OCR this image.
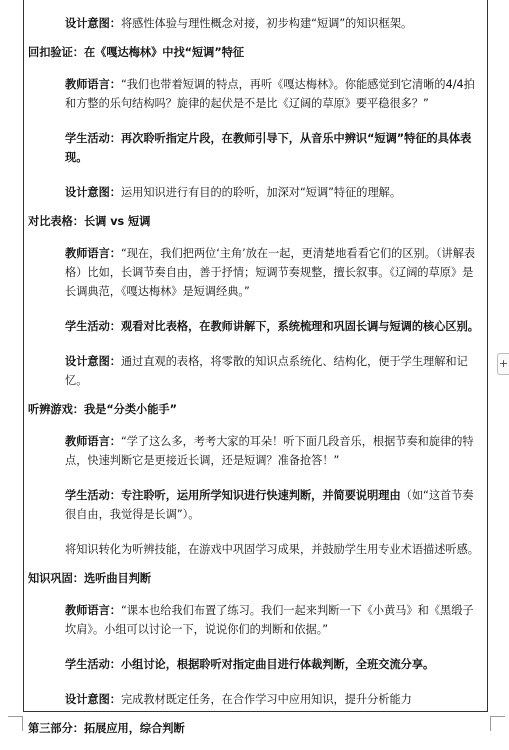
+

设计意图：将感性体验与理性概念对接，初步构建“短调”的知识框架。

回扣验证：在《嘎达梅林》中找“短调”特征

教师语言：“我们也带着短调的特点，再听《嘎达梅林》。你能感觉到它清晰的4/4拍和方整的乐句结构吗？旋律的起伏是不是比《辽阔的草原》要平稳很多？”

学生活动：再次聆听指定片段，在教师引导下，从音乐中辨识“短调”特征的具体表现。

设计意图：运用知识进行有目的的聆听，加深对“短调”特征的理解。

对比表格：长调 vs 短调

教师语言：“现在，我们把两位‘主角’放在一起，更清楚地看看它们的区别。（讲解表格）比如，长调节奏自由，善于抒情；短调节奏规整，擅长叙事。《辽阔的草原》是长调典范，《嘎达梅林》是短调经典。”

学生活动：观看对比表格，在教师讲解下，系统梳理和巩固长调与短调的核心区别。

设计意图：通过直观的表格，将零散的知识点系统化、结构化，便于学生理解和记忆。

听辨游戏：我是“分类小能手”

教师语言：“学了这么多，考考大家的耳朵！听下面几段音乐，根据节奏和旋律的特点，快速判断它是更接近长调，还是短调？准备抢答！”

学生活动：专注聆听，运用所学知识进行快速判断，并简要说明理由（如“这首节奏很自由，我觉得是长调”）。

将知识转化为听辨技能，在游戏中巩固学习成果，并鼓励学生用专业术语描述听感。

知识巩固：选听曲目判断

教师语言：“课本也给我们布置了练习。我们一起来判断一下《小黄马》和《黑缎子坎肩》。小组可以讨论一下，说说你们的判断和依据。”

学生活动：小组讨论，根据聆听对指定曲目进行体裁判断，全班交流分享。

设计意图：完成教材既定任务，在合作学习中应用知识，提升分析能力

第三部分：拓展应用，综合判断
